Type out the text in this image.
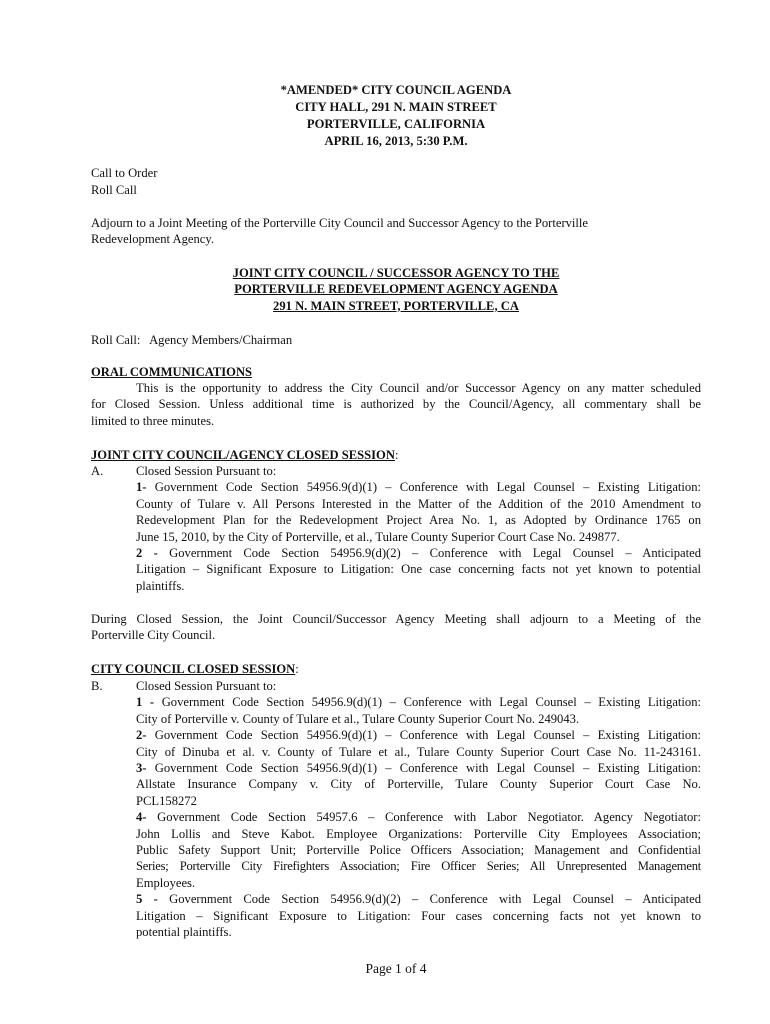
*AMENDED* CITY COUNCIL AGENDA
CITY HALL, 291 N. MAIN STREET
PORTERVILLE, CALIFORNIA
APRIL 16, 2013, 5:30 P.M.
Call to Order
Roll Call
Adjourn to a Joint Meeting of the Porterville City Council and Successor Agency to the Porterville
Redevelopment Agency.
JOINT CITY COUNCIL / SUCCESSOR AGENCY TO THE
PORTERVILLE REDEVELOPMENT AGENCY AGENDA
291 N. MAIN STREET, PORTERVILLE, CA
Roll Call:   Agency Members/Chairman
ORAL COMMUNICATIONS
This is the opportunity to address the City Council and/or Successor Agency on any matter scheduled
for Closed Session. Unless additional time is authorized by the Council/Agency, all commentary shall be
limited to three minutes.
JOINT CITY COUNCIL/AGENCY CLOSED SESSION:
A.	Closed Session Pursuant to:
1- Government Code Section 54956.9(d)(1) – Conference with Legal Counsel – Existing Litigation:
County of Tulare v. All Persons Interested in the Matter of the Addition of the 2010 Amendment to
Redevelopment Plan for the Redevelopment Project Area No. 1, as Adopted by Ordinance 1765 on
June 15, 2010, by the City of Porterville, et al., Tulare County Superior Court Case No. 249877.
2 - Government Code Section 54956.9(d)(2) – Conference with Legal Counsel – Anticipated
Litigation – Significant Exposure to Litigation: One case concerning facts not yet known to potential
plaintiffs.
During Closed Session, the Joint Council/Successor Agency Meeting shall adjourn to a Meeting of the
Porterville City Council.
CITY COUNCIL CLOSED SESSION:
B.	Closed Session Pursuant to:
1 - Government Code Section 54956.9(d)(1) – Conference with Legal Counsel – Existing Litigation:
City of Porterville v. County of Tulare et al., Tulare County Superior Court No. 249043.
2- Government Code Section 54956.9(d)(1) – Conference with Legal Counsel – Existing Litigation:
City of Dinuba et al. v. County of Tulare et al., Tulare County Superior Court Case No. 11-243161.
3- Government Code Section 54956.9(d)(1) – Conference with Legal Counsel – Existing Litigation:
Allstate Insurance Company v. City of Porterville, Tulare County Superior Court Case No.
PCL158272
4- Government Code Section 54957.6 – Conference with Labor Negotiator. Agency Negotiator:
John Lollis and Steve Kabot. Employee Organizations: Porterville City Employees Association;
Public Safety Support Unit; Porterville Police Officers Association; Management and Confidential
Series; Porterville City Firefighters Association; Fire Officer Series; All Unrepresented Management
Employees.
5 - Government Code Section 54956.9(d)(2) – Conference with Legal Counsel – Anticipated
Litigation – Significant Exposure to Litigation: Four cases concerning facts not yet known to
potential plaintiffs.
Page 1 of 4
